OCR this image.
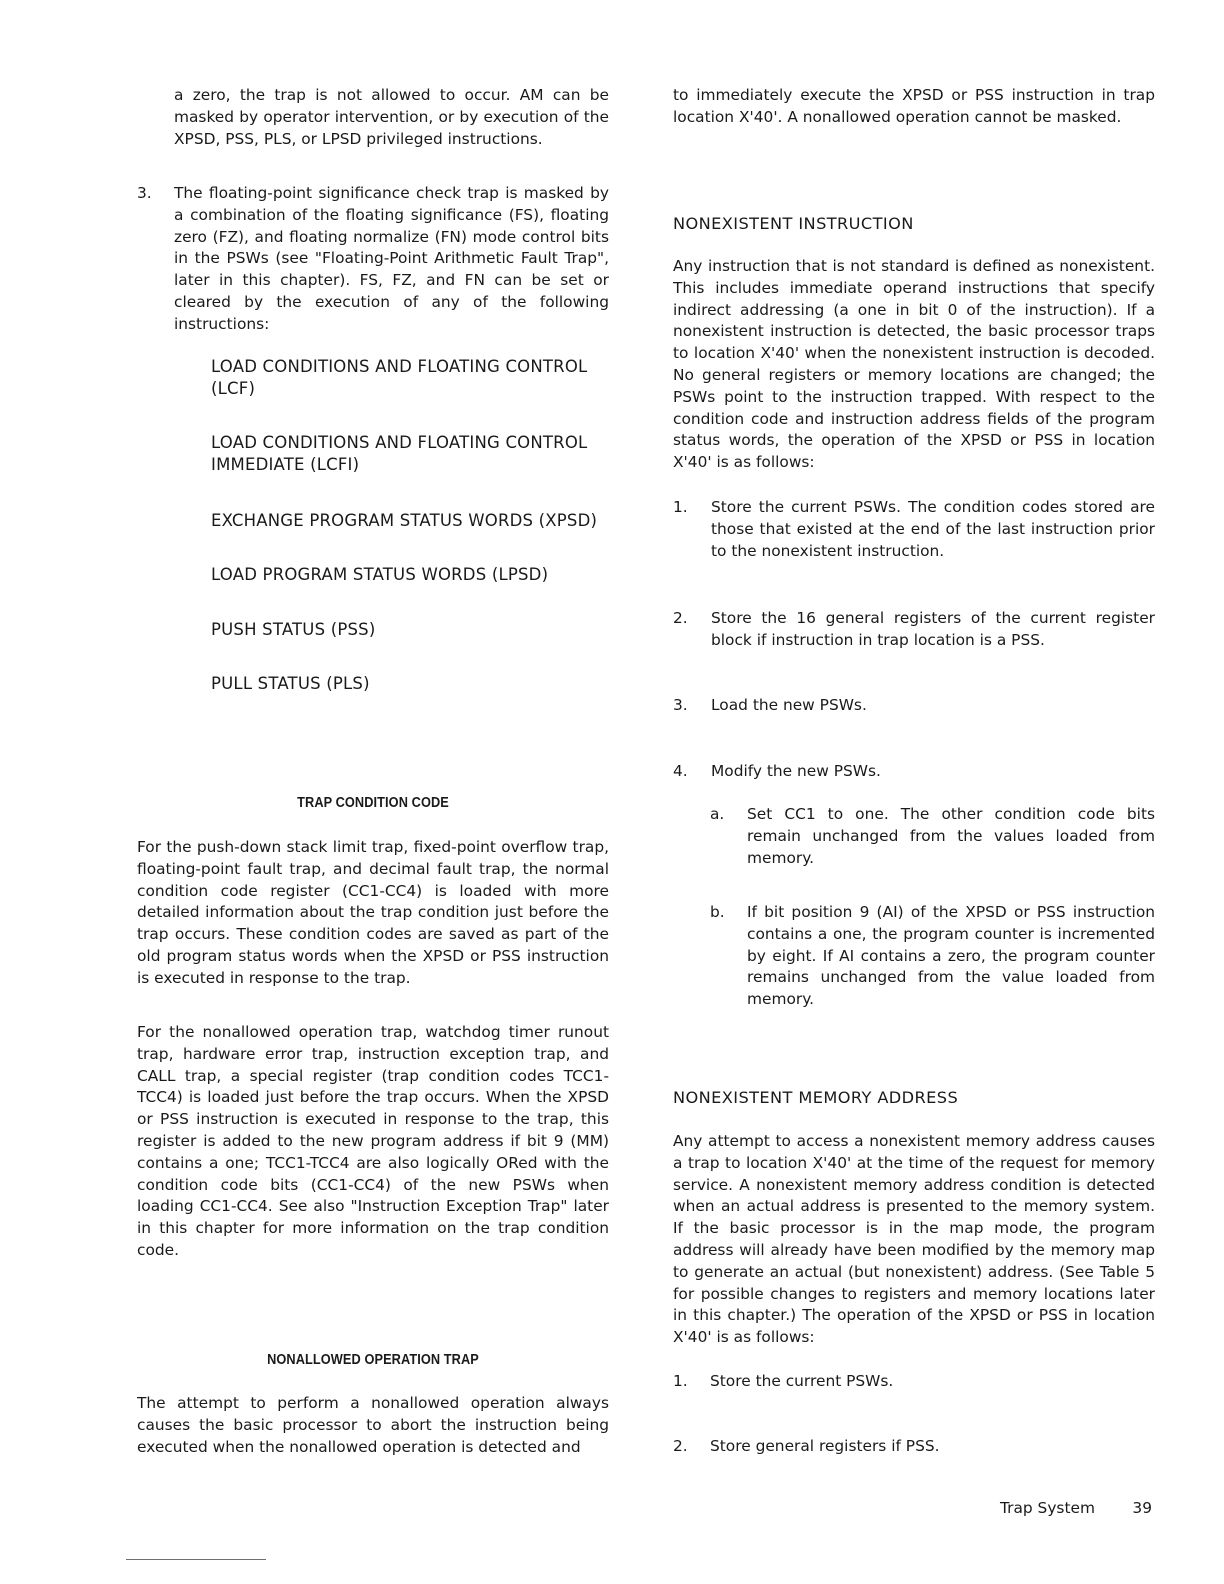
a zero, the trap is not allowed to occur. AM can be masked by operator intervention, or by execution of the XPSD, PSS, PLS, or LPSD privileged instructions.

3. The floating-point significance check trap is masked by a combination of the floating significance (FS), floating zero (FZ), and floating normalize (FN) mode control bits in the PSWs (see "Floating-Point Arithmetic Fault Trap", later in this chapter). FS, FZ, and FN can be set or cleared by the execution of any of the following instructions:

LOAD CONDITIONS AND FLOATING CONTROL (LCF)
LOAD CONDITIONS AND FLOATING CONTROL IMMEDIATE (LCFI)
EXCHANGE PROGRAM STATUS WORDS (XPSD)
LOAD PROGRAM STATUS WORDS (LPSD)
PUSH STATUS (PSS)
PULL STATUS (PLS)
TRAP CONDITION CODE

For the push-down stack limit trap, fixed-point overflow trap, floating-point fault trap, and decimal fault trap, the normal condition code register (CC1-CC4) is loaded with more detailed information about the trap condition just before the trap occurs. These condition codes are saved as part of the old program status words when the XPSD or PSS instruction is executed in response to the trap.

For the nonallowed operation trap, watchdog timer runout trap, hardware error trap, instruction exception trap, and CALL trap, a special register (trap condition codes TCC1-TCC4) is loaded just before the trap occurs. When the XPSD or PSS instruction is executed in response to the trap, this register is added to the new program address if bit 9 (MM) contains a one; TCC1-TCC4 are also logically ORed with the condition code bits (CC1-CC4) of the new PSWs when loading CC1-CC4. See also "Instruction Exception Trap" later in this chapter for more information on the trap condition code.

NONALLOWED OPERATION TRAP

The attempt to perform a nonallowed operation always causes the basic processor to abort the instruction being executed when the nonallowed operation is detected and

to immediately execute the XPSD or PSS instruction in trap location X'40'. A nonallowed operation cannot be masked.

NONEXISTENT INSTRUCTION

Any instruction that is not standard is defined as nonexistent. This includes immediate operand instructions that specify indirect addressing (a one in bit 0 of the instruction). If a nonexistent instruction is detected, the basic processor traps to location X'40' when the nonexistent instruction is decoded. No general registers or memory locations are changed; the PSWs point to the instruction trapped. With respect to the condition code and instruction address fields of the program status words, the operation of the XPSD or PSS in location X'40' is as follows:

1. Store the current PSWs. The condition codes stored are those that existed at the end of the last instruction prior to the nonexistent instruction.

2. Store the 16 general registers of the current register block if instruction in trap location is a PSS.

3. Load the new PSWs.

4. Modify the new PSWs.

a. Set CC1 to one. The other condition code bits remain unchanged from the values loaded from memory.

b. If bit position 9 (AI) of the XPSD or PSS instruction contains a one, the program counter is incremented by eight. If AI contains a zero, the program counter remains unchanged from the value loaded from memory.

NONEXISTENT MEMORY ADDRESS

Any attempt to access a nonexistent memory address causes a trap to location X'40' at the time of the request for memory service. A nonexistent memory address condition is detected when an actual address is presented to the memory system. If the basic processor is in the map mode, the program address will already have been modified by the memory map to generate an actual (but nonexistent) address. (See Table 5 for possible changes to registers and memory locations later in this chapter.) The operation of the XPSD or PSS in location X'40' is as follows:

1. Store the current PSWs.

2. Store general registers if PSS.

Trap System 39
